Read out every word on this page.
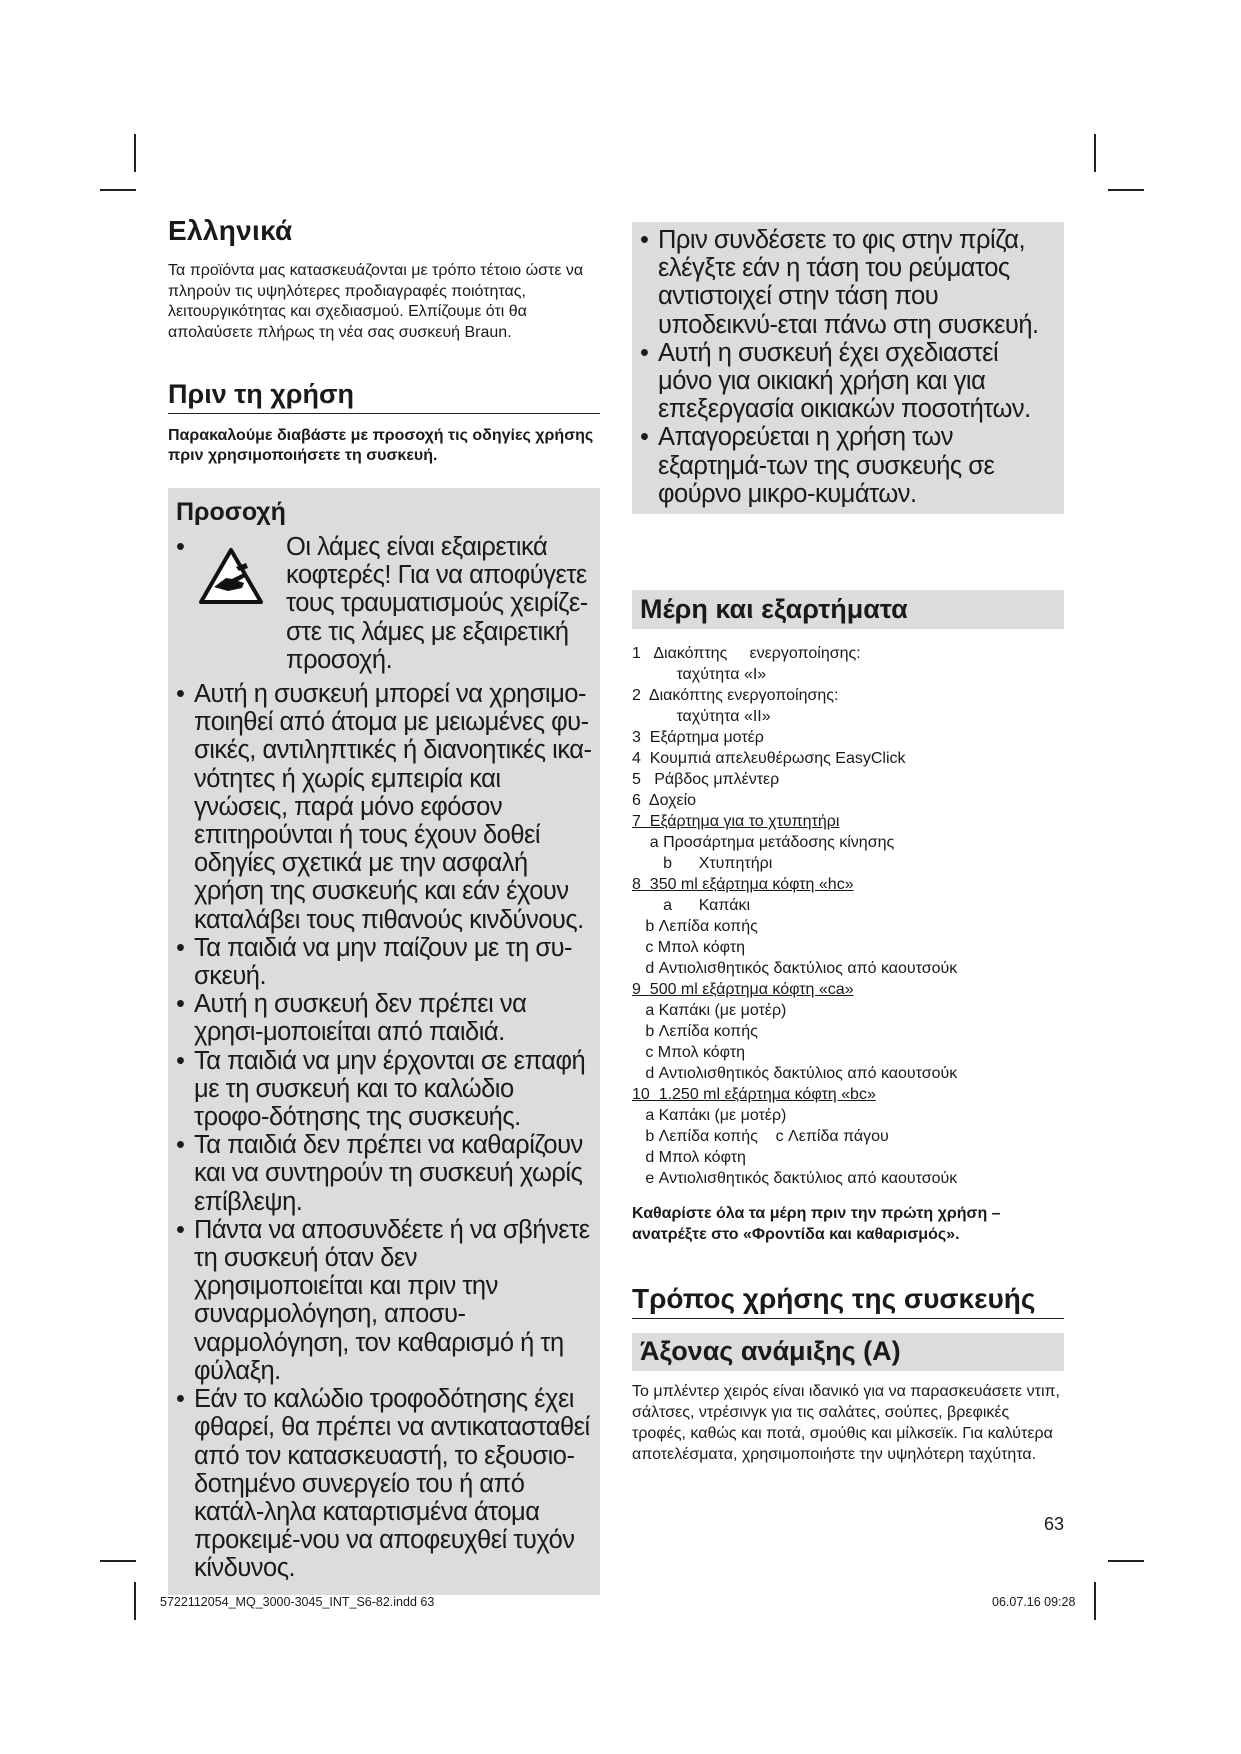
Ελληνικά

Τα προϊόντα μας κατασκευάζονται με τρόπο τέτοιο ώστε να πληρούν τις υψηλότερες προδιαγραφές ποιότητας, λειτουργικότητας και σχεδιασμού. Ελπίζουμε ότι θα απολαύσετε πλήρως τη νέα σας συσκευή Braun.

Πριν τη χρήση

Παρακαλούμε διαβάστε με προσοχή τις οδηγίες χρήσης πριν χρησιμοποιήσετε τη συσκευή.

Προσοχή
•	Οι λάμες είναι εξαιρετικά κοφτερές! Για να αποφύγετε τους τραυματισμούς χειρίζε-στε τις λάμες με εξαιρετική προσοχή.
• Αυτή η συσκευή μπορεί να χρησιμο-ποιηθεί από άτομα με μειωμένες φυ-σικές, αντιληπτικές ή διανοητικές ικα-νότητες ή χωρίς εμπειρία και γνώσεις, παρά μόνο εφόσον επιτηρούνται ή τους έχουν δοθεί οδηγίες σχετικά με την ασφαλή χρήση της συσκευής και εάν έχουν καταλάβει τους πιθανούς κινδύνους.
• Τα παιδιά να μην παίζουν με τη συ-σκευή.
• Αυτή η συσκευή δεν πρέπει να χρησι-μοποιείται από παιδιά.
• Τα παιδιά να μην έρχονται σε επαφή με τη συσκευή και το καλώδιο τροφο-δότησης της συσκευής.
• Τα παιδιά δεν πρέπει να καθαρίζουν και να συντηρούν τη συσκευή χωρίς επίβλεψη.
• Πάντα να αποσυνδέετε ή να σβήνετε τη συσκευή όταν δεν χρησιμοποιείται και πριν την συναρμολόγηση, αποσυ-ναρμολόγηση, τον καθαρισμό ή τη φύλαξη.
• Εάν το καλώδιο τροφοδότησης έχει φθαρεί, θα πρέπει να αντικατασταθεί από τον κατασκευαστή, το εξουσιο-δοτημένο συνεργείο του ή από κατάλ-ληλα καταρτισμένα άτομα προκειμέ-νου να αποφευχθεί τυχόν κίνδυνος.
• Πριν συνδέσετε το φις στην πρίζα, ελέγξτε εάν η τάση του ρεύματος αντιστοιχεί στην τάση που υποδεικνύ-εται πάνω στη συσκευή.
• Αυτή η συσκευή έχει σχεδιαστεί μόνο για οικιακή χρήση και για επεξεργασία οικιακών ποσοτήτων.
• Απαγορεύεται η χρήση των εξαρτημά-των της συσκευής σε φούρνο μικρο-κυμάτων.
Μέρη και εξαρτήματα
1   Διακόπτης     ενεργοποίησης:
ταχύτητα «I»
2  Διακόπτης ενεργοποίησης:
ταχύτητα «II»
3  Εξάρτημα μοτέρ
4  Κουμπιά απελευθέρωσης EasyClick
5   Ράβδος μπλέντερ
6  Δοχείο
7  Εξάρτημα για το χτυπητήρι
a Προσάρτημα μετάδοσης κίνησης
b      Χτυπητήρι
8  350 ml εξάρτημα κόφτη «hc»
a      Καπάκι
b Λεπίδα κοπής
c Μπολ κόφτη
d Αντιολισθητικός δακτύλιος από καουτσούκ
9  500 ml εξάρτημα κόφτη «ca»
a Καπάκι (με μοτέρ)
b Λεπίδα κοπής
c Μπολ κόφτη
d Αντιολισθητικός δακτύλιος από καουτσούκ
10  1.250 ml εξάρτημα κόφτη «bc»
a Καπάκι (με μοτέρ)
b Λεπίδα κοπής    c Λεπίδα πάγου
d Μπολ κόφτη
e Αντιολισθητικός δακτύλιος από καουτσούκ
Καθαρίστε όλα τα μέρη πριν την πρώτη χρήση – ανατρέξτε στο «Φροντίδα και καθαρισμός».
Τρόπος χρήσης της συσκευής
Άξονας ανάμιξης (A)

Το μπλέντερ χειρός είναι ιδανικό για να παρασκευάσετε ντιπ, σάλτσες, ντρέσινγκ για τις σαλάτες, σούπες, βρεφικές τροφές, καθώς και ποτά, σμούθις και μίλκσεϊκ. Για καλύτερα αποτελέσματα, χρησιμοποιήστε την υψηλότερη ταχύτητα.

63
5722112054_MQ_3000-3045_INT_S6-82.indd 63	06.07.16 09:28
